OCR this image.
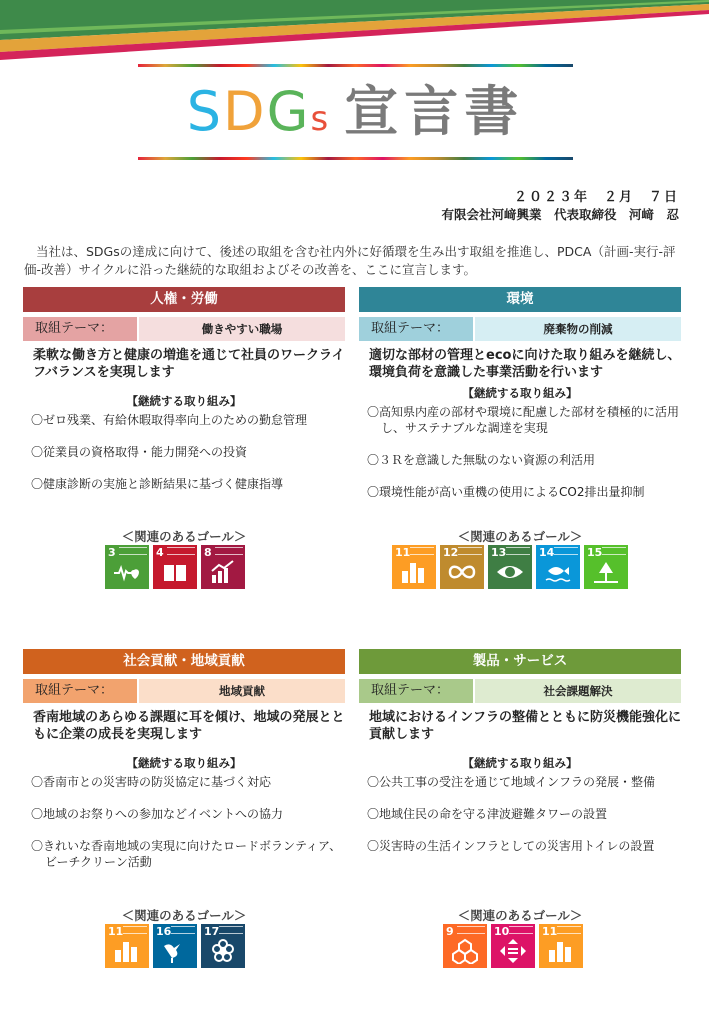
SDGs 宣言書
２０２３年　２月　７日
有限会社河﨑興業　代表取締役　河﨑　忍
当社は、SDGsの達成に向けて、後述の取組を含む社内外に好循環を生み出す取組を推進し、PDCA（計画-実行-評価-改善）サイクルに沿った継続的な取組およびその改善を、ここに宣言します。
人権・労働
取組テーマ：	働きやすい職場
柔軟な働き方と健康の増進を通じて社員のワークライフバランスを実現します
【継続する取り組み】
〇ゼロ残業、有給休暇取得率向上のための勤怠管理
〇従業員の資格取得・能力開発への投資
〇健康診断の実施と診断結果に基づく健康指導
＜関連のあるゴール＞
3	4	8
環境
取組テーマ：	廃棄物の削減
適切な部材の管理とecoに向けた取り組みを継続し、環境負荷を意識した事業活動を行います
【継続する取り組み】
〇高知県内産の部材や環境に配慮した部材を積極的に活用し、サステナブルな調達を実現
〇３Ｒを意識した無駄のない資源の利活用
〇環境性能が高い重機の使用によるCO2排出量抑制
＜関連のあるゴール＞
11	12	13	14	15
社会貢献・地域貢献
取組テーマ：	地域貢献
香南地域のあらゆる課題に耳を傾け、地域の発展とともに企業の成長を実現します
【継続する取り組み】
〇香南市との災害時の防災協定に基づく対応
〇地域のお祭りへの参加などイベントへの協力
〇きれいな香南地域の実現に向けたロードボランティア、ビーチクリーン活動
＜関連のあるゴール＞
11	16	17
製品・サービス
取組テーマ：	社会課題解決
地域におけるインフラの整備とともに防災機能強化に貢献します
【継続する取り組み】
〇公共工事の受注を通じて地域インフラの発展・整備
〇地域住民の命を守る津波避難タワーの設置
〇災害時の生活インフラとしての災害用トイレの設置
＜関連のあるゴール＞
9	10	11
